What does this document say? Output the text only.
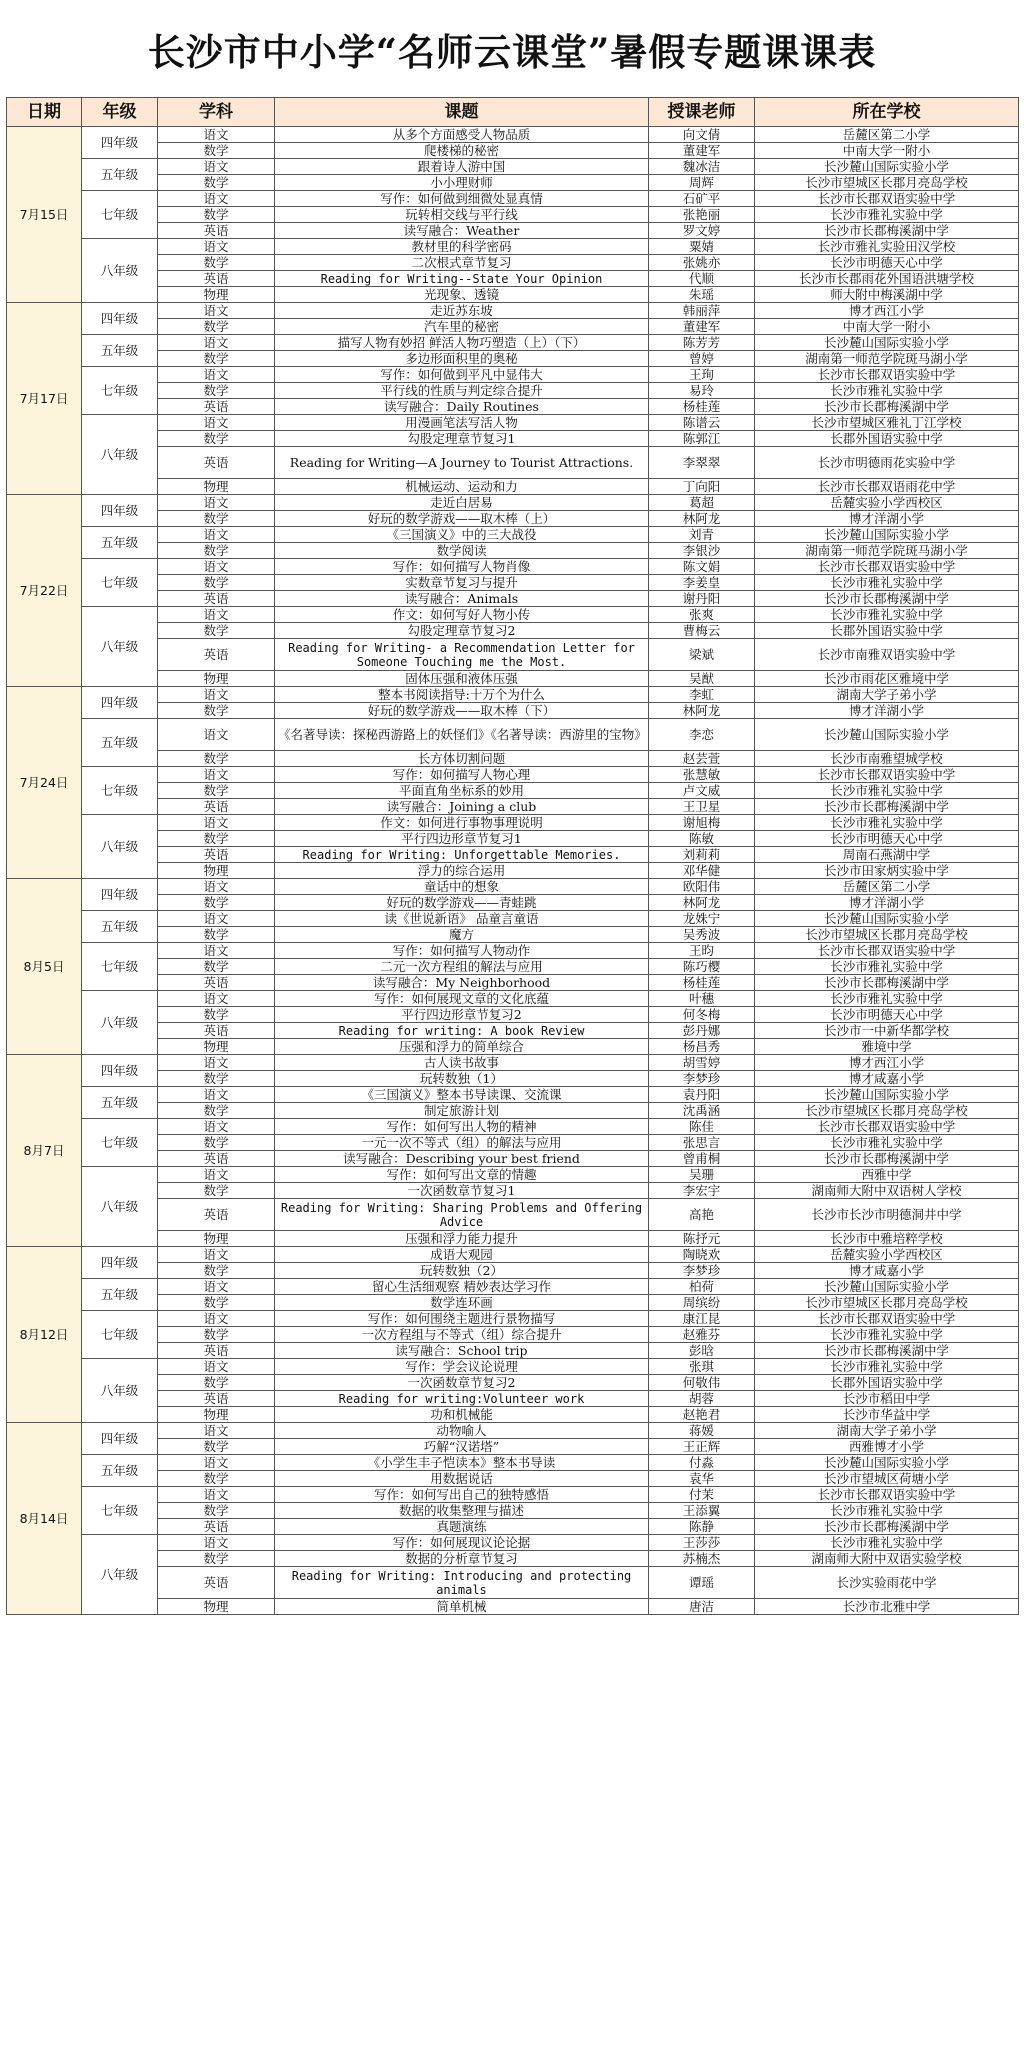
长沙市中小学“名师云课堂”暑假专题课课表
日期	年级	学科	课题	授课老师	所在学校
7月15日	四年级	语文	从多个方面感受人物品质	向文倩	岳麓区第二小学
		数学	爬楼梯的秘密	董建军	中南大学一附小
	五年级	语文	跟着诗人游中国	魏冰洁	长沙麓山国际实验小学
		数学	小小理财师	周辉	长沙市望城区长郡月亮岛学校
	七年级	语文	写作：如何做到细微处显真情	石矿平	长沙市长郡双语实验中学
		数学	玩转相交线与平行线	张艳丽	长沙市雅礼实验中学
		英语	读写融合：Weather	罗文婷	长沙市长郡梅溪湖中学
	八年级	语文	教材里的科学密码	粟婧	长沙市雅礼实验田汉学校
		数学	二次根式章节复习	张姚亦	长沙市明德天心中学
		英语	Reading for Writing--State Your Opinion	代顺	长沙市长郡雨花外国语洪塘学校
		物理	光现象、透镜	朱瑶	师大附中梅溪湖中学
7月17日	四年级	语文	走近苏东坡	韩丽萍	博才西江小学
		数学	汽车里的秘密	董建军	中南大学一附小
	五年级	语文	描写人物有妙招 鲜活人物巧塑造（上）（下）	陈芳芳	长沙麓山国际实验小学
		数学	多边形面积里的奥秘	曾婷	湖南第一师范学院斑马湖小学
	七年级	语文	写作：如何做到平凡中显伟大	王珣	长沙市长郡双语实验中学
		数学	平行线的性质与判定综合提升	易玲	长沙市雅礼实验中学
		英语	读写融合：Daily Routines	杨桂莲	长沙市长郡梅溪湖中学
	八年级	语文	用漫画笔法写活人物	陈谱云	长沙市望城区雅礼丁江学校
		数学	勾股定理章节复习1	陈郭江	长郡外国语实验中学
		英语	Reading for Writing—A Journey to Tourist Attractions.	李翠翠	长沙市明德雨花实验中学
		物理	机械运动、运动和力	丁向阳	长沙市长郡双语雨花中学
7月22日	四年级	语文	走近白居易	葛超	岳麓实验小学西校区
		数学	好玩的数学游戏——取木棒（上）	林阿龙	博才洋湖小学
	五年级	语文	《三国演义》中的三大战役	刘青	长沙麓山国际实验小学
		数学	数学阅读	李银沙	湖南第一师范学院斑马湖小学
	七年级	语文	写作：如何描写人物肖像	陈文娟	长沙市长郡双语实验中学
		数学	实数章节复习与提升	李姜皇	长沙市雅礼实验中学
		英语	读写融合：Animals	谢丹阳	长沙市长郡梅溪湖中学
	八年级	语文	作文：如何写好人物小传	张爽	长沙市雅礼实验中学
		数学	勾股定理章节复习2	曹梅云	长郡外国语实验中学
		英语	Reading for Writing- a Recommendation Letter for Someone Touching me the Most.	梁斌	长沙市南雅双语实验中学
		物理	固体压强和液体压强	吴猷	长沙市雨花区雅境中学
7月24日	四年级	语文	整本书阅读指导:十万个为什么	李虹	湖南大学子弟小学
		数学	好玩的数学游戏——取木棒（下）	林阿龙	博才洋湖小学
	五年级	语文	《名著导读：探秘西游路上的妖怪们》《名著导读：西游里的宝物》	李恋	长沙麓山国际实验小学
		数学	长方体切割问题	赵芸萱	长沙市南雅望城学校
	七年级	语文	写作：如何描写人物心理	张慧敏	长沙市长郡双语实验中学
		数学	平面直角坐标系的妙用	卢文威	长沙市雅礼实验中学
		英语	读写融合：Joining a club	王卫星	长沙市长郡梅溪湖中学
	八年级	语文	作文：如何进行事物事理说明	谢旭梅	长沙市雅礼实验中学
		数学	平行四边形章节复习1	陈敏	长沙市明德天心中学
		英语	Reading for Writing: Unforgettable Memories.	刘莉莉	周南石燕湖中学
		物理	浮力的综合运用	邓华健	长沙市田家炳实验中学
8月5日	四年级	语文	童话中的想象	欧阳伟	岳麓区第二小学
		数学	好玩的数学游戏——青蛙跳	林阿龙	博才洋湖小学
	五年级	语文	读《世说新语》 品童言童语	龙姝宁	长沙麓山国际实验小学
		数学	魔方	吴秀波	长沙市望城区长郡月亮岛学校
	七年级	语文	写作：如何描写人物动作	王昀	长沙市长郡双语实验中学
		数学	二元一次方程组的解法与应用	陈巧樱	长沙市雅礼实验中学
		英语	读写融合：My Neighborhood	杨桂莲	长沙市长郡梅溪湖中学
	八年级	语文	写作：如何展现文章的文化底蕴	叶穗	长沙市雅礼实验中学
		数学	平行四边形章节复习2	何冬梅	长沙市明德天心中学
		英语	Reading for writing: A book Review	彭丹娜	长沙市一中新华都学校
		物理	压强和浮力的简单综合	杨昌秀	雅境中学
8月7日	四年级	语文	古人读书故事	胡雪婷	博才西江小学
		数学	玩转数独（1）	李梦珍	博才咸嘉小学
	五年级	语文	《三国演义》整本书导读课、交流课	袁丹阳	长沙麓山国际实验小学
		数学	制定旅游计划	沈禹涵	长沙市望城区长郡月亮岛学校
	七年级	语文	写作：如何写出人物的精神	陈佳	长沙市长郡双语实验中学
		数学	一元一次不等式（组）的解法与应用	张思言	长沙市雅礼实验中学
		英语	读写融合：Describing your best friend	曾甫桐	长沙市长郡梅溪湖中学
	八年级	语文	写作：如何写出文章的情趣	吴珊	西雅中学
		数学	一次函数章节复习1	李宏宇	湖南师大附中双语树人学校
		英语	Reading for Writing: Sharing Problems and Offering Advice	高艳	长沙市长沙市明德洞井中学
		物理	压强和浮力能力提升	陈抒元	长沙市中雅培粹学校
8月12日	四年级	语文	成语大观园	陶晓欢	岳麓实验小学西校区
		数学	玩转数独（2）	李梦珍	博才咸嘉小学
	五年级	语文	留心生活细观察 精妙表达学习作	柏荷	长沙麓山国际实验小学
		数学	数学连环画	周缤纷	长沙市望城区长郡月亮岛学校
	七年级	语文	写作：如何围绕主题进行景物描写	康江昆	长沙市长郡双语实验中学
		数学	一次方程组与不等式（组）综合提升	赵雅芬	长沙市雅礼实验中学
		英语	读写融合：School trip	彭晗	长沙市长郡梅溪湖中学
	八年级	语文	写作：学会议论说理	张琪	长沙市雅礼实验中学
		数学	一次函数章节复习2	何敬伟	长郡外国语实验中学
		英语	Reading for writing:Volunteer work	胡蓉	长沙市稻田中学
		物理	功和机械能	赵艳君	长沙市华益中学
8月14日	四年级	语文	动物喻人	蒋媛	湖南大学子弟小学
		数学	巧解“汉诺塔”	王正辉	西雅博才小学
	五年级	语文	《小学生丰子恺读本》整本书导读	付淼	长沙麓山国际实验小学
		数学	用数据说话	袁华	长沙市望城区荷塘小学
	七年级	语文	写作：如何写出自己的独特感悟	付茉	长沙市长郡双语实验中学
		数学	数据的收集整理与描述	王添翼	长沙市雅礼实验中学
		英语	真题演练	陈静	长沙市长郡梅溪湖中学
	八年级	语文	写作：如何展现议论论据	王莎莎	长沙市雅礼实验中学
		数学	数据的分析章节复习	苏楠杰	湖南师大附中双语实验学校
		英语	Reading for Writing: Introducing and protecting animals	谭瑶	长沙实验雨花中学
		物理	简单机械	唐洁	长沙市北雅中学
